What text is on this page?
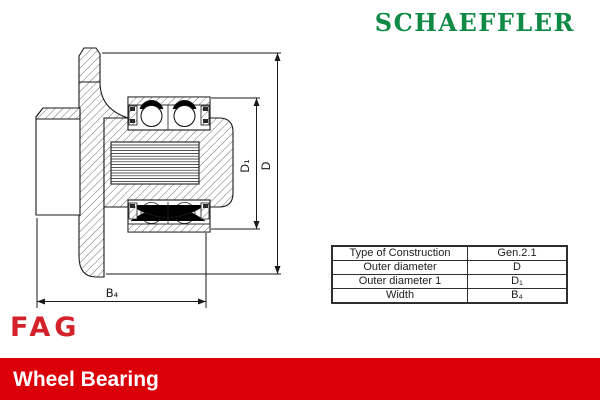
SCHAEFFLER
D
D₁
B₄
Type of Construction	Gen.2.1
Outer diameter	D
Outer diameter 1	D₁
Width	B₄
FAG
Wheel Bearing
